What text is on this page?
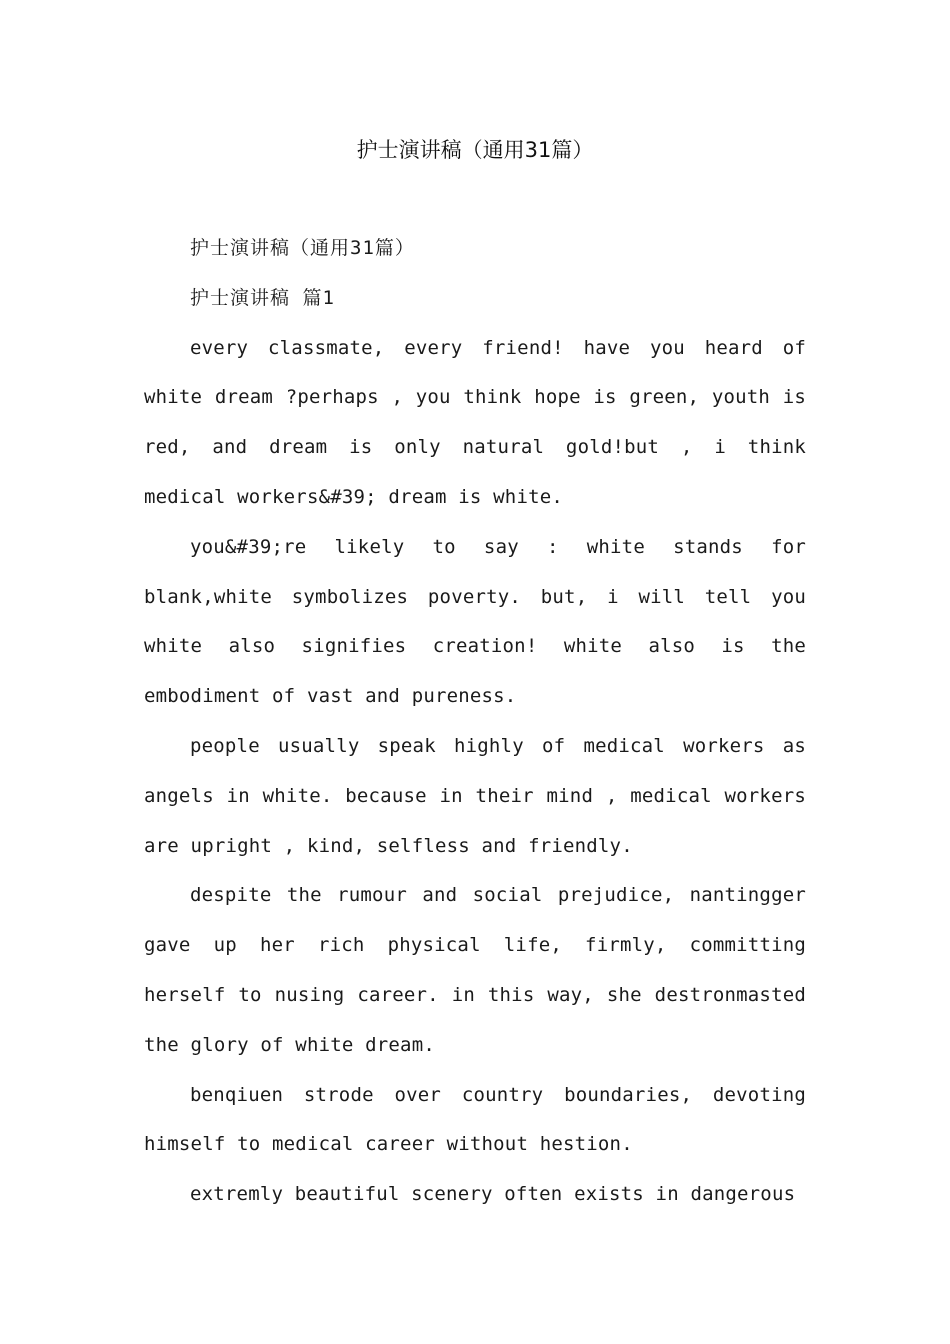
护士演讲稿（通用31篇）

护士演讲稿（通用31篇）

护士演讲稿 篇1

every classmate, every friend! have you heard of white dream ?perhaps , you think hope is green, youth is red, and dream is only natural gold!but , i think medical workers&#39; dream is white.

you&#39;re likely to say : white stands for blank,white symbolizes poverty. but, i will tell you white also signifies creation! white also is the embodiment of vast and pureness.

people usually speak highly of medical workers as angels in white. because in their mind , medical workers are upright , kind, selfless and friendly.

despite the rumour and social prejudice, nantingger gave up her rich physical life, firmly, committing herself to nusing career. in this way, she destronmasted the glory of white dream.

benqiuen strode over country boundaries, devoting himself to medical career without hestion.

extremly beautiful scenery often exists in dangerous
